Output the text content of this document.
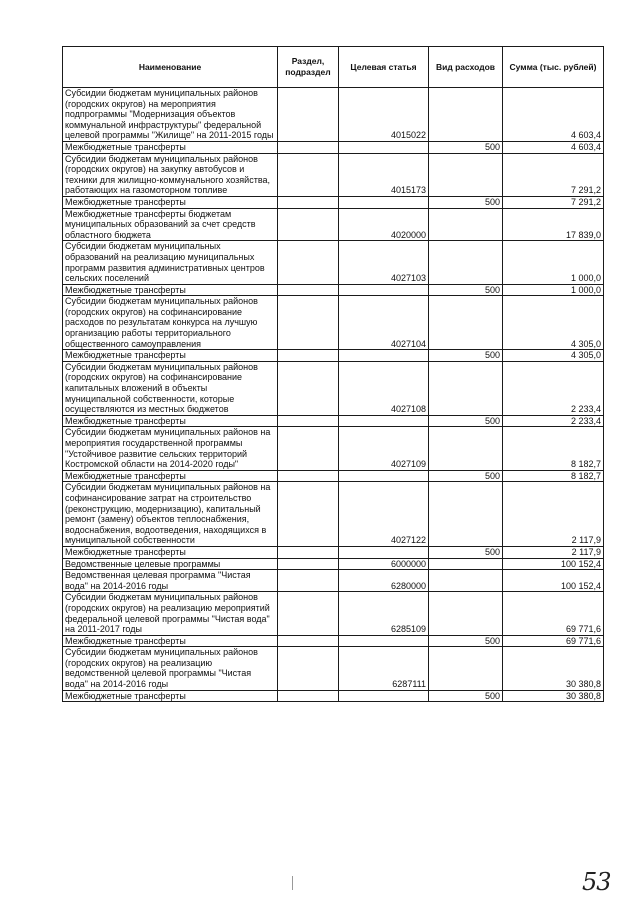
Наименование	Раздел, подраздел	Целевая статья	Вид расходов	Сумма (тыс. рублей)
Субсидии бюджетам муниципальных районов (городских округов) на мероприятия подпрограммы "Модернизация объектов коммунальной инфраструктуры" федеральной целевой программы "Жилище" на 2011-2015 годы		4015022		4 603,4
Межбюджетные трансферты			500	4 603,4
Субсидии бюджетам муниципальных районов (городских округов) на закупку автобусов и техники для жилищно-коммунального хозяйства, работающих на газомоторном топливе		4015173		7 291,2
Межбюджетные трансферты			500	7 291,2
Межбюджетные трансферты бюджетам муниципальных образований за счет средств областного бюджета		4020000		17 839,0
Субсидии бюджетам муниципальных образований на реализацию муниципальных программ развития административных центров сельских поселений		4027103		1 000,0
Межбюджетные трансферты			500	1 000,0
Субсидии бюджетам муниципальных районов (городских округов) на софинансирование расходов по результатам конкурса на лучшую организацию работы территориального общественного самоуправления		4027104		4 305,0
Межбюджетные трансферты			500	4 305,0
Субсидии бюджетам муниципальных районов (городских округов) на софинансирование капитальных вложений в объекты муниципальной собственности, которые осуществляются из местных бюджетов		4027108		2 233,4
Межбюджетные трансферты			500	2 233,4
Субсидии бюджетам муниципальных районов на мероприятия государственной программы "Устойчивое развитие сельских территорий Костромской области на 2014-2020 годы"		4027109		8 182,7
Межбюджетные трансферты			500	8 182,7
Субсидии бюджетам муниципальных районов на софинансирование затрат на строительство (реконструкцию, модернизацию), капитальный ремонт (замену) объектов теплоснабжения, водоснабжения, водоотведения, находящихся в муниципальной собственности		4027122		2 117,9
Межбюджетные трансферты			500	2 117,9
Ведомственные целевые программы		6000000		100 152,4
Ведомственная целевая программа "Чистая вода" на 2014-2016 годы		6280000		100 152,4
Субсидии бюджетам муниципальных районов (городских округов) на реализацию мероприятий федеральной целевой программы "Чистая вода" на 2011-2017 годы		6285109		69 771,6
Межбюджетные трансферты			500	69 771,6
Субсидии бюджетам муниципальных районов (городских округов) на реализацию ведомственной целевой программы "Чистая вода" на 2014-2016 годы		6287111		30 380,8
Межбюджетные трансферты			500	30 380,8
53
